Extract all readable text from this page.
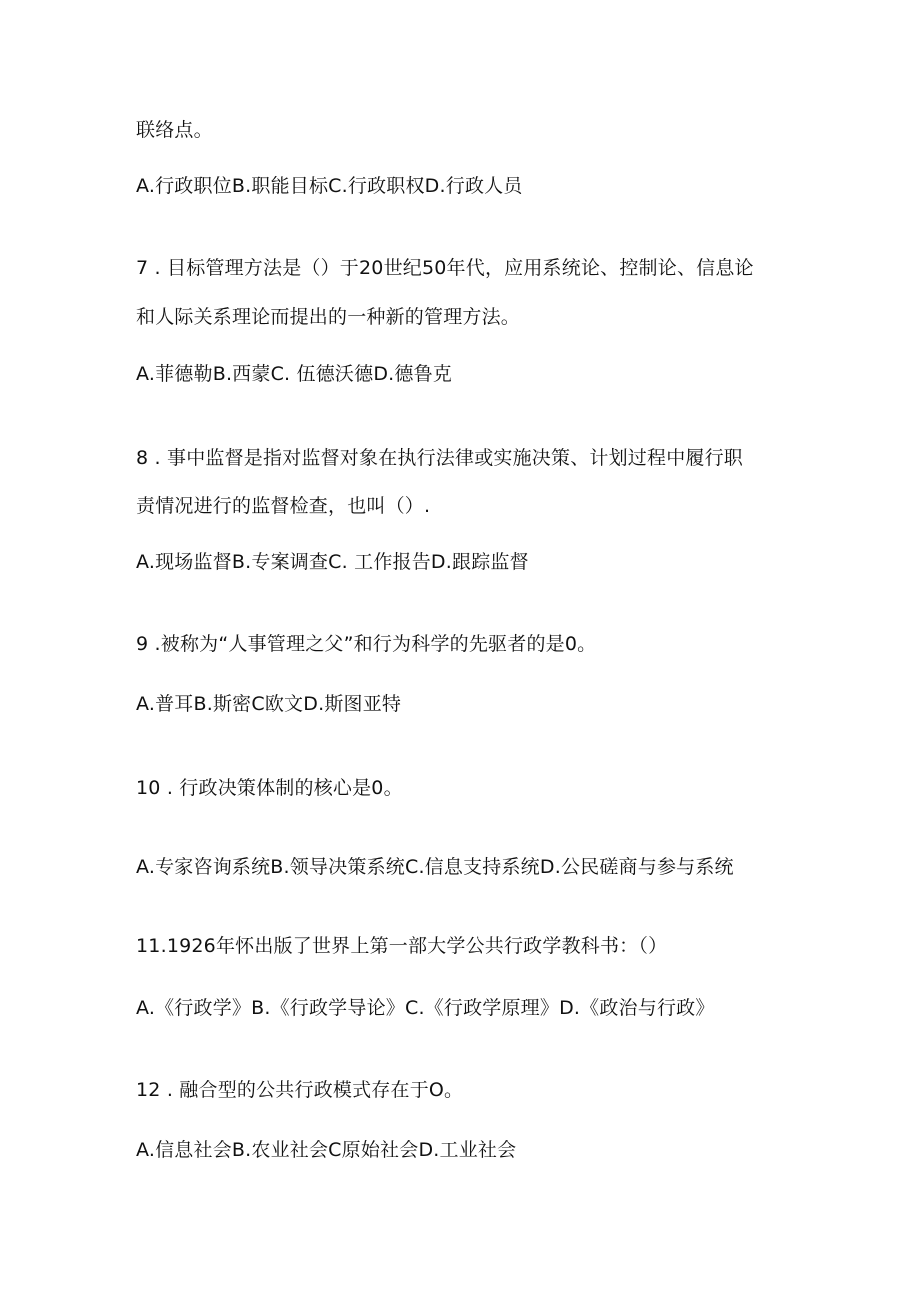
联络点。
A.行政职位B.职能目标C.行政职权D.行政人员
7 . 目标管理方法是（）于20世纪50年代，应用系统论、控制论、信息论
和人际关系理论而提出的一种新的管理方法。
A.菲德勒B.西蒙C. 伍德沃德D.德鲁克
8 . 事中监督是指对监督对象在执行法律或实施决策、计划过程中履行职
责情况进行的监督检查，也叫（）.
A.现场监督B.专案调查C. 工作报告D.跟踪监督
9 .被称为“人事管理之父”和行为科学的先驱者的是0。
A.普耳B.斯密C欧文D.斯图亚特
10 . 行政决策体制的核心是0。
A.专家咨询系统B.领导决策系统C.信息支持系统D.公民磋商与参与系统
11.1926年怀出版了世界上第一部大学公共行政学教科书：（）
A.《行政学》B.《行政学导论》C.《行政学原理》D.《政治与行政》
12 . 融合型的公共行政模式存在于O。
A.信息社会B.农业社会C原始社会D.工业社会
